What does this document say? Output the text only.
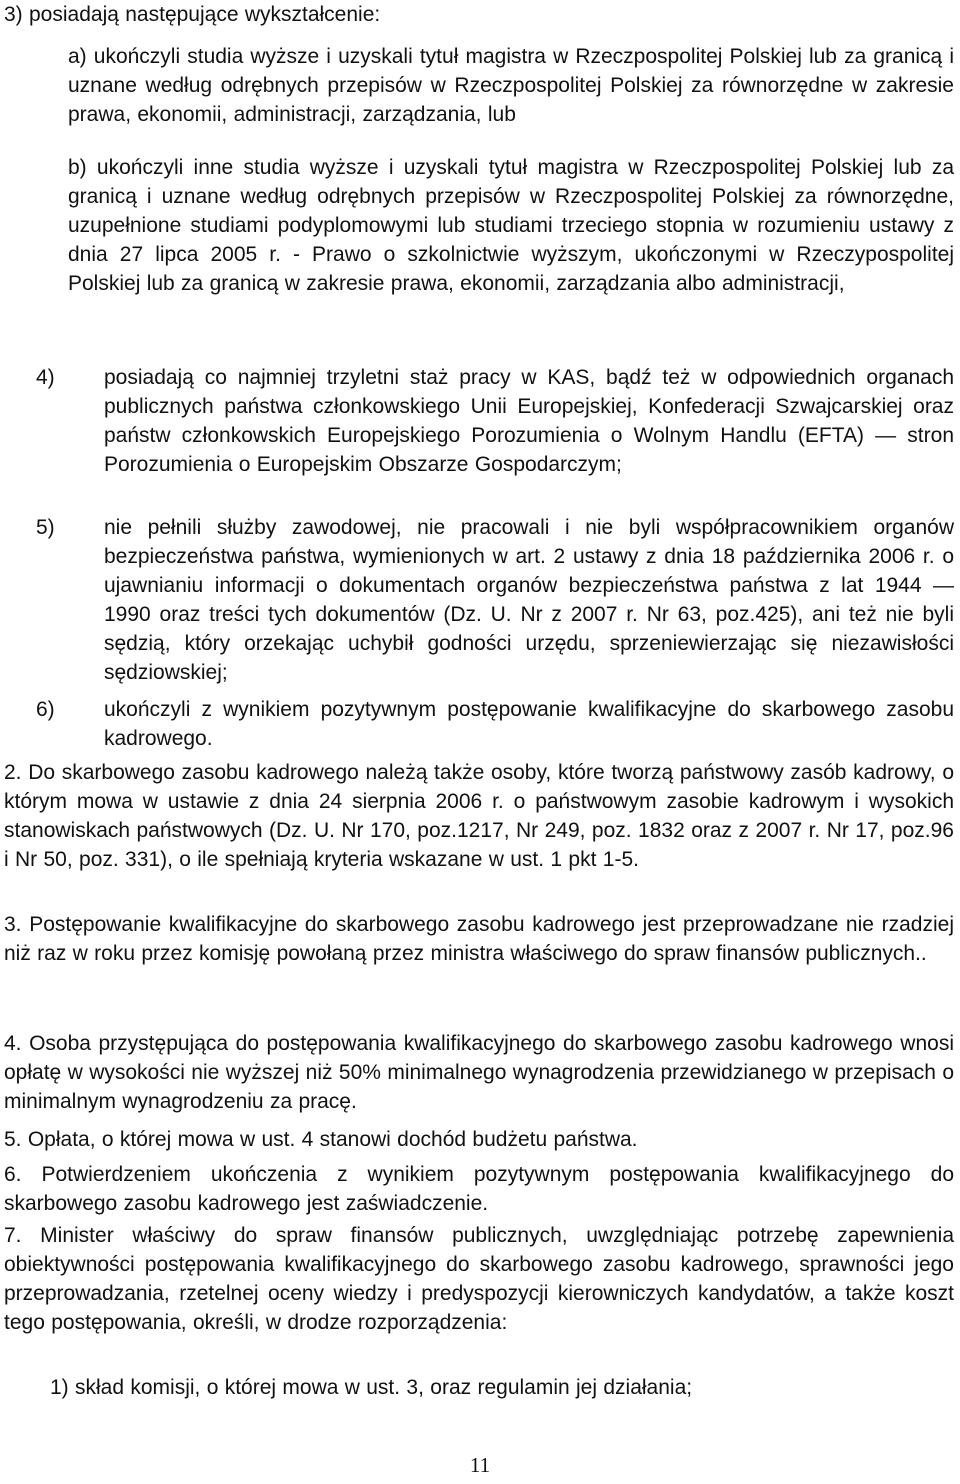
3) posiadają następujące wykształcenie:
a) ukończyli studia wyższe i uzyskali tytuł magistra w Rzeczpospolitej Polskiej lub za granicą i uznane według odrębnych przepisów w Rzeczpospolitej Polskiej za równorzędne w zakresie prawa, ekonomii, administracji, zarządzania, lub
b) ukończyli inne studia wyższe i uzyskali tytuł magistra w Rzeczpospolitej Polskiej lub za granicą i uznane według odrębnych przepisów w Rzeczpospolitej Polskiej za równorzędne, uzupełnione studiami podyplomowymi lub studiami trzeciego stopnia w rozumieniu ustawy z dnia 27 lipca 2005 r. - Prawo o szkolnictwie wyższym, ukończonymi w Rzeczypospolitej Polskiej lub za granicą w zakresie prawa, ekonomii, zarządzania albo administracji,
4) posiadają co najmniej trzyletni staż pracy w KAS, bądź też w odpowiednich organach publicznych państwa członkowskiego Unii Europejskiej, Konfederacji Szwajcarskiej oraz państw członkowskich Europejskiego Porozumienia o Wolnym Handlu (EFTA) — stron Porozumienia o Europejskim Obszarze Gospodarczym;
5) nie pełnili służby zawodowej, nie pracowali i nie byli współpracownikiem organów bezpieczeństwa państwa, wymienionych w art. 2 ustawy z dnia 18 października 2006 r. o ujawnianiu informacji o dokumentach organów bezpieczeństwa państwa z lat 1944 — 1990 oraz treści tych dokumentów (Dz. U. Nr z 2007 r. Nr 63, poz.425), ani też nie byli sędzią, który orzekając uchybił godności urzędu, sprzeniewierzając się niezawisłości sędziowskiej;
6) ukończyli z wynikiem pozytywnym postępowanie kwalifikacyjne do skarbowego zasobu kadrowego.
2. Do skarbowego zasobu kadrowego należą także osoby, które tworzą państwowy zasób kadrowy, o którym mowa w ustawie z dnia 24 sierpnia 2006 r. o państwowym zasobie kadrowym i wysokich stanowiskach państwowych (Dz. U. Nr 170, poz.1217, Nr 249, poz. 1832 oraz z 2007 r. Nr 17, poz.96 i Nr 50, poz. 331), o ile spełniają kryteria wskazane w ust. 1 pkt 1-5.
3. Postępowanie kwalifikacyjne do skarbowego zasobu kadrowego jest przeprowadzane nie rzadziej niż raz w roku przez komisję powołaną przez ministra właściwego do spraw finansów publicznych..
4. Osoba przystępująca do postępowania kwalifikacyjnego do skarbowego zasobu kadrowego wnosi opłatę w wysokości nie wyższej niż 50% minimalnego wynagrodzenia przewidzianego w przepisach o minimalnym wynagrodzeniu za pracę.
5. Opłata, o której mowa w ust. 4 stanowi dochód budżetu państwa.
6. Potwierdzeniem ukończenia z wynikiem pozytywnym postępowania kwalifikacyjnego do skarbowego zasobu kadrowego jest zaświadczenie.
7. Minister właściwy do spraw finansów publicznych, uwzględniając potrzebę zapewnienia obiektywności postępowania kwalifikacyjnego do skarbowego zasobu kadrowego, sprawności jego przeprowadzania, rzetelnej oceny wiedzy i predyspozycji kierowniczych kandydatów, a także koszt tego postępowania, określi, w drodze rozporządzenia:
1) skład komisji, o której mowa w ust. 3, oraz regulamin jej działania;
11
